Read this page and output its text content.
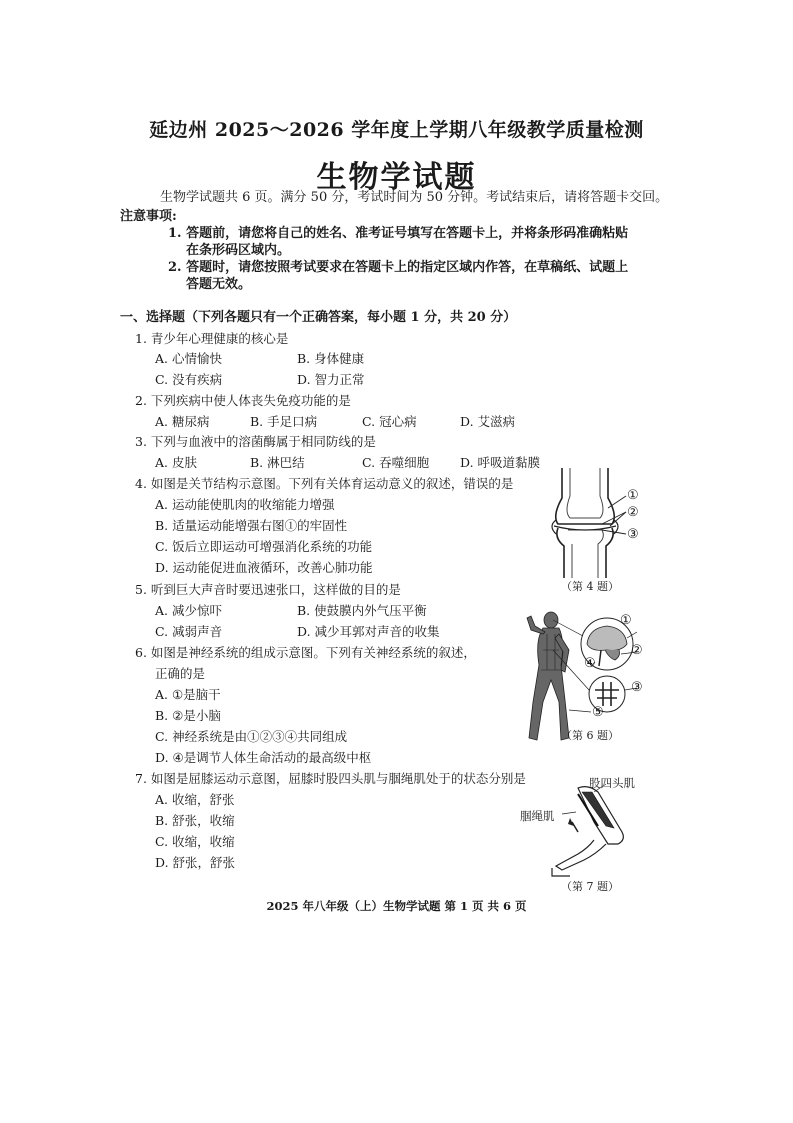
延边州 2025～2026 学年度上学期八年级教学质量检测
生物学试题
生物学试题共 6 页。满分 50 分，考试时间为 50 分钟。考试结束后，请将答题卡交回。
注意事项:
1. 答题前，请您将自己的姓名、准考证号填写在答题卡上，并将条形码准确粘贴
在条形码区域内。
2. 答题时，请您按照考试要求在答题卡上的指定区域内作答，在草稿纸、试题上
答题无效。
一、选择题（下列各题只有一个正确答案，每小题 1 分，共 20 分）
1. 青少年心理健康的核心是
A. 心情愉快	B. 身体健康
C. 没有疾病	D. 智力正常
2. 下列疾病中使人体丧失免疫功能的是
A. 糖尿病	B. 手足口病	C. 冠心病	D. 艾滋病
3. 下列与血液中的溶菌酶属于相同防线的是
A. 皮肤	B. 淋巴结	C. 吞噬细胞 D. 呼吸道黏膜
4. 如图是关节结构示意图。下列有关体育运动意义的叙述，错误的是
A. 运动能使肌肉的收缩能力增强
B. 适量运动能增强右图①的牢固性
C. 饭后立即运动可增强消化系统的功能
D. 运动能促进血液循环，改善心肺功能
①
②
③
（第 4 题）
5. 听到巨大声音时要迅速张口，这样做的目的是
A. 减少惊吓	B. 使鼓膜内外气压平衡
C. 减弱声音	D. 减少耳郭对声音的收集
6. 如图是神经系统的组成示意图。下列有关神经系统的叙述，
正确的是
A. ①是脑干
B. ②是小脑
C. 神经系统是由①②③④共同组成
D. ④是调节人体生命活动的最高级中枢
①
②
③
④
⑤
（第 6 题）
7. 如图是屈膝运动示意图，屈膝时股四头肌与腘绳肌处于的状态分别是
A. 收缩，舒张
B. 舒张，收缩
C. 收缩，收缩
D. 舒张，舒张
股四头肌
腘绳肌
（第 7 题）
2025 年八年级（上）生物学试题 第 1 页 共 6 页
